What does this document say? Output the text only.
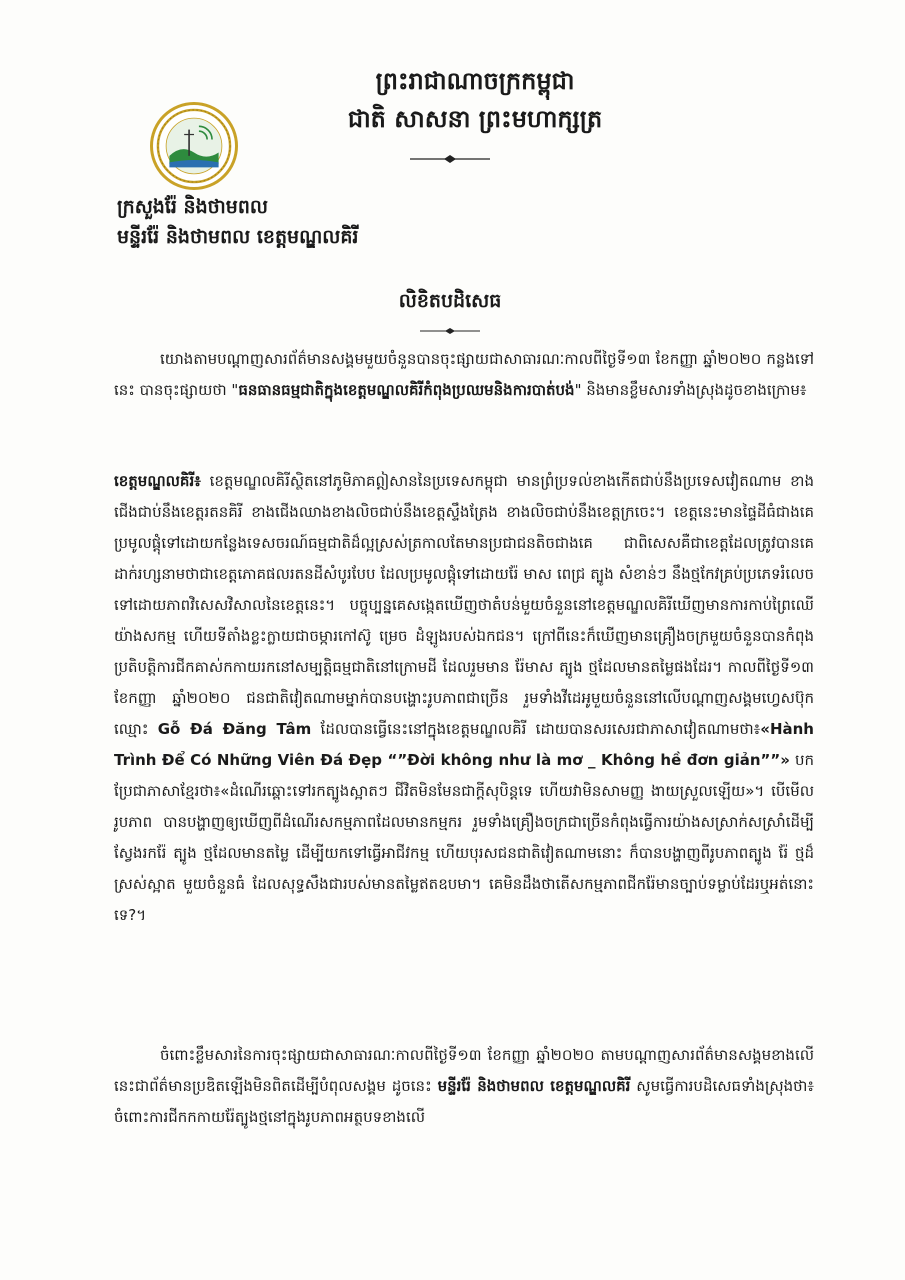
ព្រះរាជាណាចក្រកម្ពុជា
ជាតិ សាសនា ព្រះមហាក្សត្រ
ក្រសួងរ៉ែ និងថាមពល
មន្ទីររ៉ែ និងថាមពល ខេត្តមណ្ឌលគិរី
លិខិតបដិសេធ
យោងតាមបណ្តាញសារព័ត៌មានសង្គមមួយចំនួនបានចុះផ្សាយជាសាធារណៈកាលពីថ្ងៃទី១៣ ខែកញ្ញា ឆ្នាំ២០២០ កន្លងទៅនេះ បានចុះផ្សាយថា "ធនធានធម្មជាតិក្នុងខេត្តមណ្ឌលគិរីកំពុងប្រឈមនិងការបាត់បង់" និងមានខ្លឹមសារទាំងស្រុងដូចខាងក្រោម៖
ខេត្តមណ្ឌលគិរី៖ ខេត្តមណ្ឌលគិរីស្ថិតនៅភូមិភាគឦសាននៃប្រទេសកម្ពុជា មានព្រំប្រទល់ខាងកើតជាប់នឹងប្រទេសវៀតណាម ខាងជើងជាប់នឹងខេត្តរតនគិរី ខាងជើងឈាងខាងលិចជាប់នឹងខេត្តស្ទឹងត្រែង ខាងលិចជាប់នឹងខេត្តក្រចេះ។ ខេត្តនេះមានផ្ទៃដីធំជាងគេ ប្រមូលផ្តុំទៅដោយកន្លែងទេសចរណ៍ធម្មជាតិដ៏ល្អស្រស់ត្រកាលតែមានប្រជាជនតិចជាងគេ ជាពិសេសគឺជាខេត្តដែលត្រូវបានគេដាក់រហ្សនាមថាជាខេត្តភោគផលរតនដីសំបូរបែប ដែលប្រមូលផ្តុំទៅដោយរ៉ែ មាស ពេជ្រ ត្បូង សំខាន់ៗ នឹងថ្មកែវគ្រប់ប្រភេទរំលេចទៅដោយភាពវិសេសវិសាលនៃខេត្តនេះ។ បច្ចុប្បន្នគេសង្កេតឃើញថាតំបន់មួយចំនួននៅខេត្តមណ្ឌលគិរីឃើញមានការកាប់ព្រៃឈើយ៉ាងសកម្ម ហើយទីតាំងខ្លះក្លាយជាចម្ការកៅស៊ូ ម្រេច ដំឡូងរបស់ឯកជន។ ក្រៅពីនេះក៏ឃើញមានគ្រឿងចក្រមួយចំនួនបានកំពុងប្រតិបត្តិការជីកគាស់កកាយរកនៅសម្បត្តិធម្មជាតិនៅក្រោមដី ដែលរួមមាន រ៉ែមាស ត្បូង ថ្មដែលមានតម្លៃផងដែរ។ កាលពីថ្ងៃទី១៣ ខែកញ្ញា ឆ្នាំ២០២០ ជនជាតិវៀតណាមម្នាក់បានបង្ហោះរូបភាពជាច្រើន រួមទាំងវីដេអូមួយចំនួននៅលើបណ្តាញសង្គមហ្វេសប៊ុកឈ្មោះ Gỗ Đá Đăng Tâm ដែលបានធ្វើនេះនៅក្នុងខេត្តមណ្ឌលគិរី ដោយបានសរសេរជាភាសាវៀតណាមថា៖«Hành Trình Để Có Những Viên Đá Đẹp “”Đời không như là mơ _ Không hề đơn giản””» បកប្រែជាភាសាខ្មែរថា៖«ដំណើរឆ្ពោះទៅរកត្បូងស្អាតៗ ជីវិតមិនមែនជាក្តីសុបិន្តទេ ហើយវាមិនសាមញ្ញ ងាយស្រួលឡើយ»។ បើមើលរូបភាព បានបង្ហាញឲ្យឃើញពីដំណើរសកម្មភាពដែលមានកម្មករ រួមទាំងគ្រឿងចក្រជាច្រើនកំពុងធ្វើការយ៉ាងសស្រាក់សស្រាំដើម្បីស្វែងរករ៉ែ ត្បូង ថ្មដែលមានតម្លៃ ដើម្បីយកទៅធ្វើអាជីវកម្ម ហើយបុរសជនជាតិវៀតណាមនោះ ក៏បានបង្ហាញពីរូបភាពត្បូង រ៉ែ ថ្មដ៏ស្រស់ស្អាត មួយចំនួនធំ ដែលសុទ្ធសឹងជារបស់មានតម្លៃឥតឧបមា។ គេមិនដឹងថាតើសកម្មភាពជីករ៉ែមានច្បាប់ទម្លាប់ដែរឬអត់នោះទេ?។
ចំពោះខ្លឹមសារនៃការចុះផ្សាយជាសាធារណៈកាលពីថ្ងៃទី១៣ ខែកញ្ញា ឆ្នាំ២០២០ តាមបណ្តាញសារព័ត៌មានសង្គមខាងលើនេះជាព័ត៌មានប្រឌិតឡើងមិនពិតដើម្បីបំពុលសង្គម ដូចនេះ មន្ទីររ៉ែ និងថាមពល ខេត្តមណ្ឌលគិរី សូមធ្វើការបដិសេធទាំងស្រុងថា៖ ចំពោះការជីកកកាយរ៉ែត្បូងថ្មនៅក្នុងរូបភាពអត្ថបទខាងលើ
